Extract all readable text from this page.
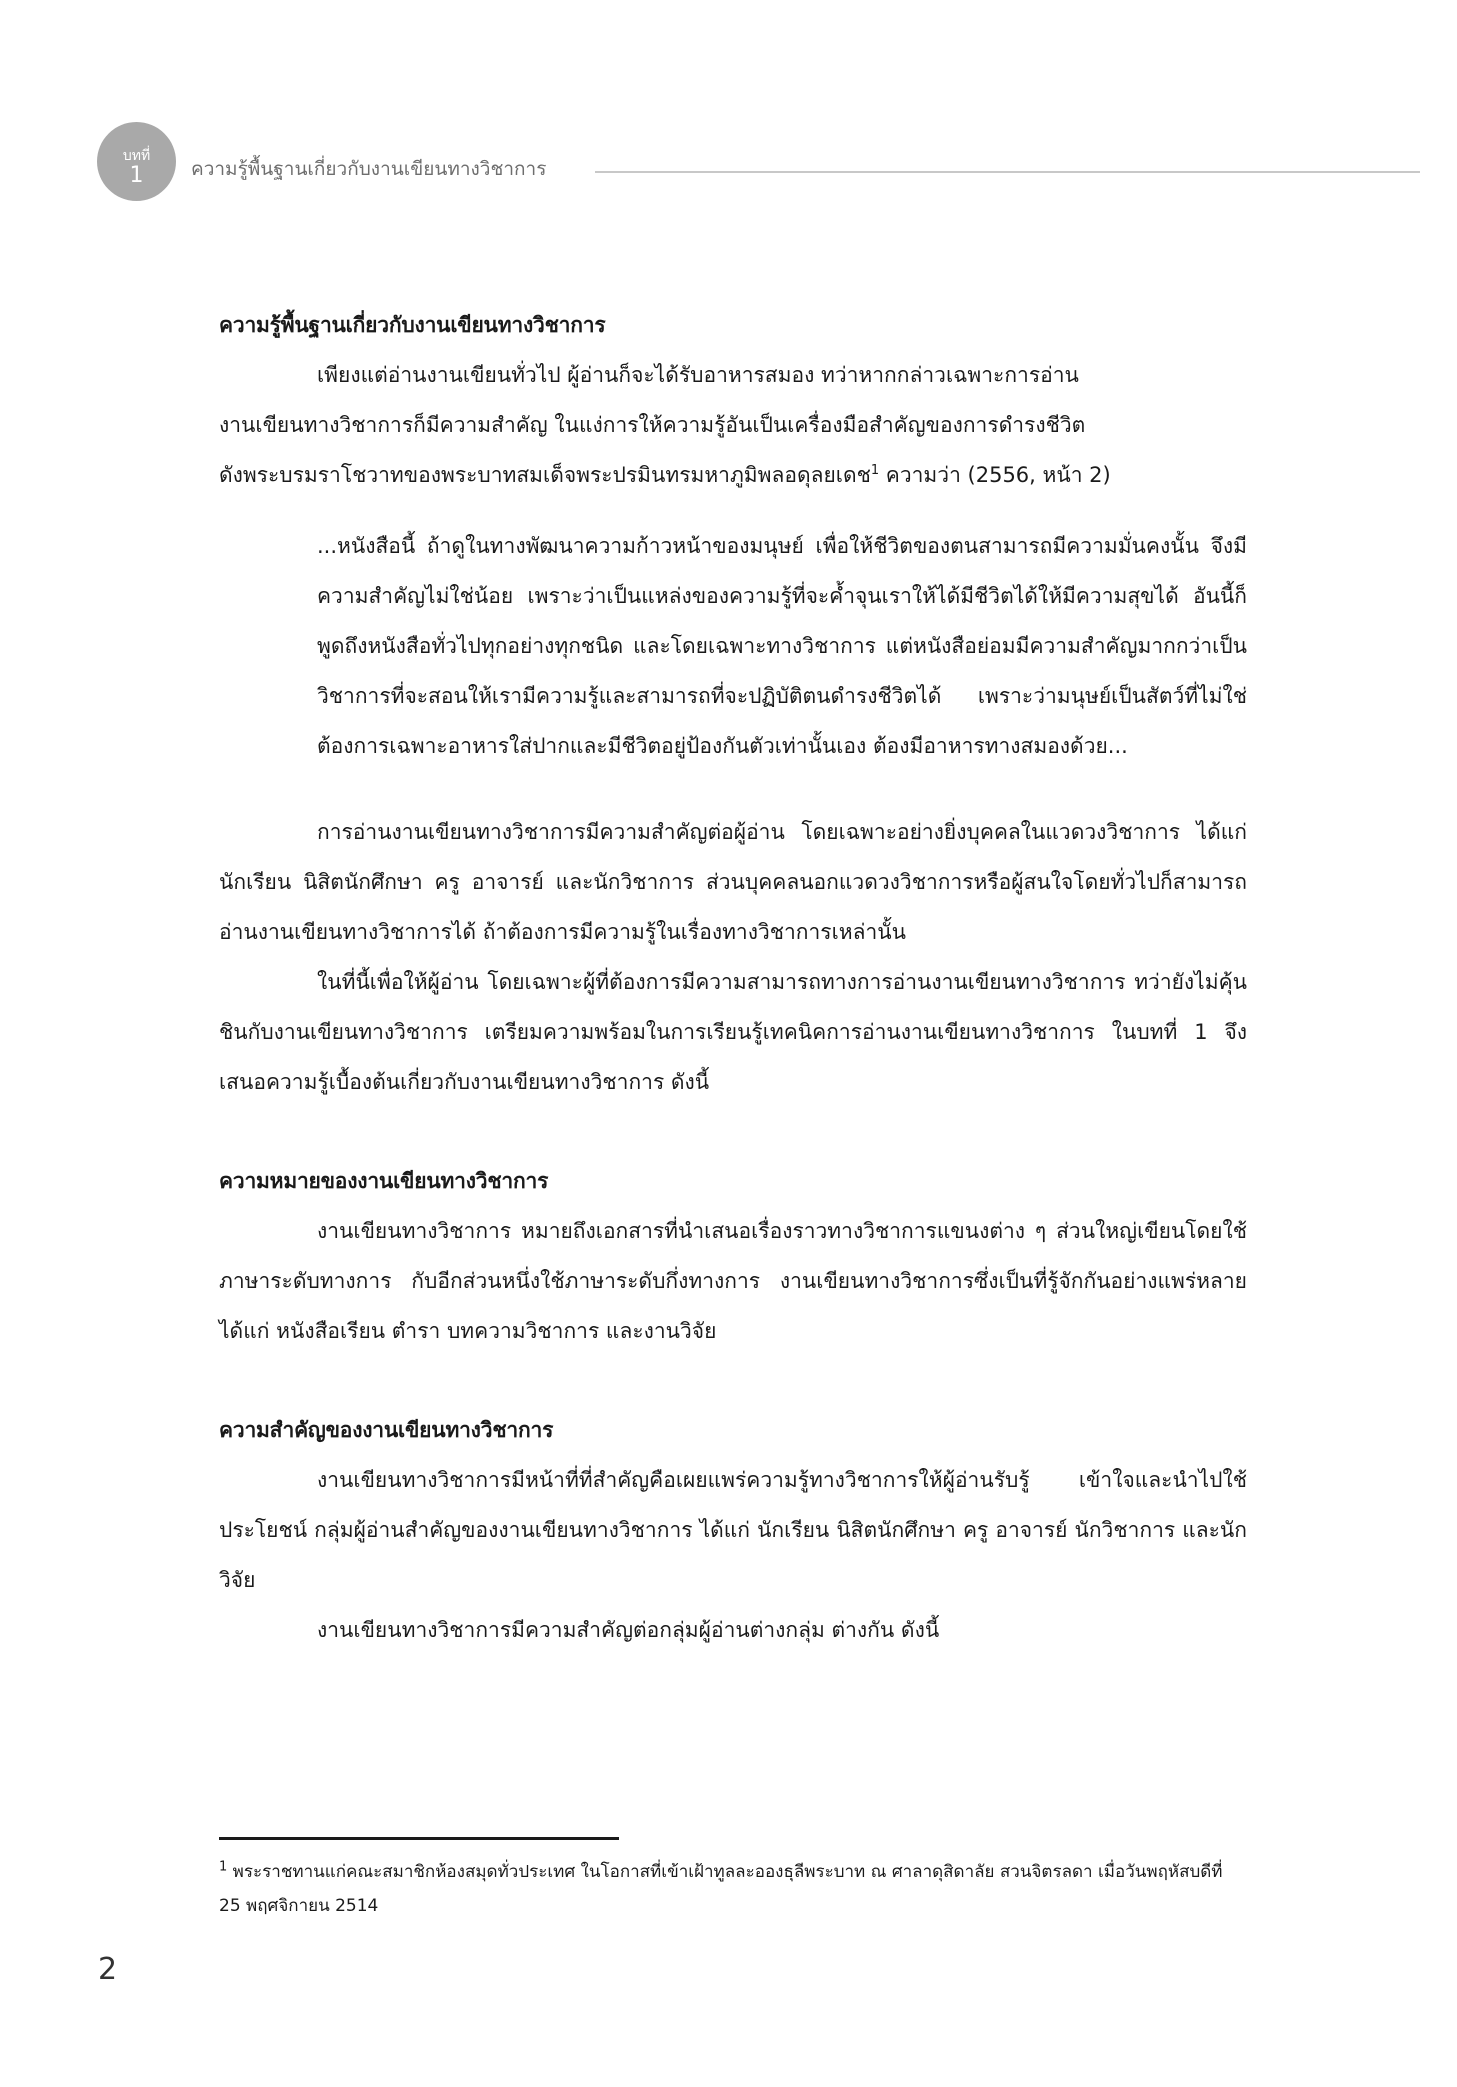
บทที่
1	ความรู้พื้นฐานเกี่ยวกับงานเขียนทางวิชาการ
ความรู้พื้นฐานเกี่ยวกับงานเขียนทางวิชาการ

เพียงแต่อ่านงานเขียนทั่วไป ผู้อ่านก็จะได้รับอาหารสมอง ทว่าหากกล่าวเฉพาะการอ่าน

งานเขียนทางวิชาการก็มีความสำคัญ ในแง่การให้ความรู้อันเป็นเครื่องมือสำคัญของการดำรงชีวิต

ดังพระบรมราโชวาทของพระบาทสมเด็จพระปรมินทรมหาภูมิพลอดุลยเดช$^1$ ความว่า (2556, หน้า 2)

...หนังสือนี้ ถ้าดูในทางพัฒนาความก้าวหน้าของมนุษย์ เพื่อให้ชีวิตของตนสามารถมีความมั่นคงนั้น จึงมีความสำคัญไม่ใช่น้อย เพราะว่าเป็นแหล่งของความรู้ที่จะค้ำจุนเราให้ได้มีชีวิตได้ให้มีความสุขได้ อันนี้ก็พูดถึงหนังสือทั่วไปทุกอย่างทุกชนิด และโดยเฉพาะทางวิชาการ แต่หนังสือย่อมมีความสำคัญมากกว่าเป็นวิชาการที่จะสอนให้เรามีความรู้และสามารถที่จะปฏิบัติตนดำรงชีวิตได้ เพราะว่ามนุษย์เป็นสัตว์ที่ไม่ใช่ต้องการเฉพาะอาหารใส่ปากและมีชีวิตอยู่ป้องกันตัวเท่านั้นเอง ต้องมีอาหารทางสมองด้วย...

การอ่านงานเขียนทางวิชาการมีความสำคัญต่อผู้อ่าน โดยเฉพาะอย่างยิ่งบุคคลในแวดวงวิชาการ ได้แก่นักเรียน นิสิตนักศึกษา ครู อาจารย์ และนักวิชาการ ส่วนบุคคลนอกแวดวงวิชาการหรือผู้สนใจโดยทั่วไปก็สามารถอ่านงานเขียนทางวิชาการได้ ถ้าต้องการมีความรู้ในเรื่องทางวิชาการเหล่านั้น

ในที่นี้เพื่อให้ผู้อ่าน โดยเฉพาะผู้ที่ต้องการมีความสามารถทางการอ่านงานเขียนทางวิชาการ ทว่ายังไม่คุ้นชินกับงานเขียนทางวิชาการ เตรียมความพร้อมในการเรียนรู้เทคนิคการอ่านงานเขียนทางวิชาการ ในบทที่ 1 จึงเสนอความรู้เบื้องต้นเกี่ยวกับงานเขียนทางวิชาการ ดังนี้

ความหมายของงานเขียนทางวิชาการ

งานเขียนทางวิชาการ หมายถึงเอกสารที่นำเสนอเรื่องราวทางวิชาการแขนงต่าง ๆ ส่วนใหญ่เขียนโดยใช้ภาษาระดับทางการ กับอีกส่วนหนึ่งใช้ภาษาระดับกึ่งทางการ งานเขียนทางวิชาการซึ่งเป็นที่รู้จักกันอย่างแพร่หลายได้แก่ หนังสือเรียน ตำรา บทความวิชาการ และงานวิจัย

ความสำคัญของงานเขียนทางวิชาการ

งานเขียนทางวิชาการมีหน้าที่ที่สำคัญคือเผยแพร่ความรู้ทางวิชาการให้ผู้อ่านรับรู้ เข้าใจและนำไปใช้ประโยชน์ กลุ่มผู้อ่านสำคัญของงานเขียนทางวิชาการ ได้แก่ นักเรียน นิสิตนักศึกษา ครู อาจารย์ นักวิชาการ และนักวิจัย

งานเขียนทางวิชาการมีความสำคัญต่อกลุ่มผู้อ่านต่างกลุ่ม ต่างกัน ดังนี้

$^1$ พระราชทานแก่คณะสมาชิกห้องสมุดทั่วประเทศ ในโอกาสที่เข้าเฝ้าทูลละอองธุลีพระบาท ณ ศาลาดุสิดาลัย สวนจิตรลดา เมื่อวันพฤหัสบดีที่ 25 พฤศจิกายน 2514
2
